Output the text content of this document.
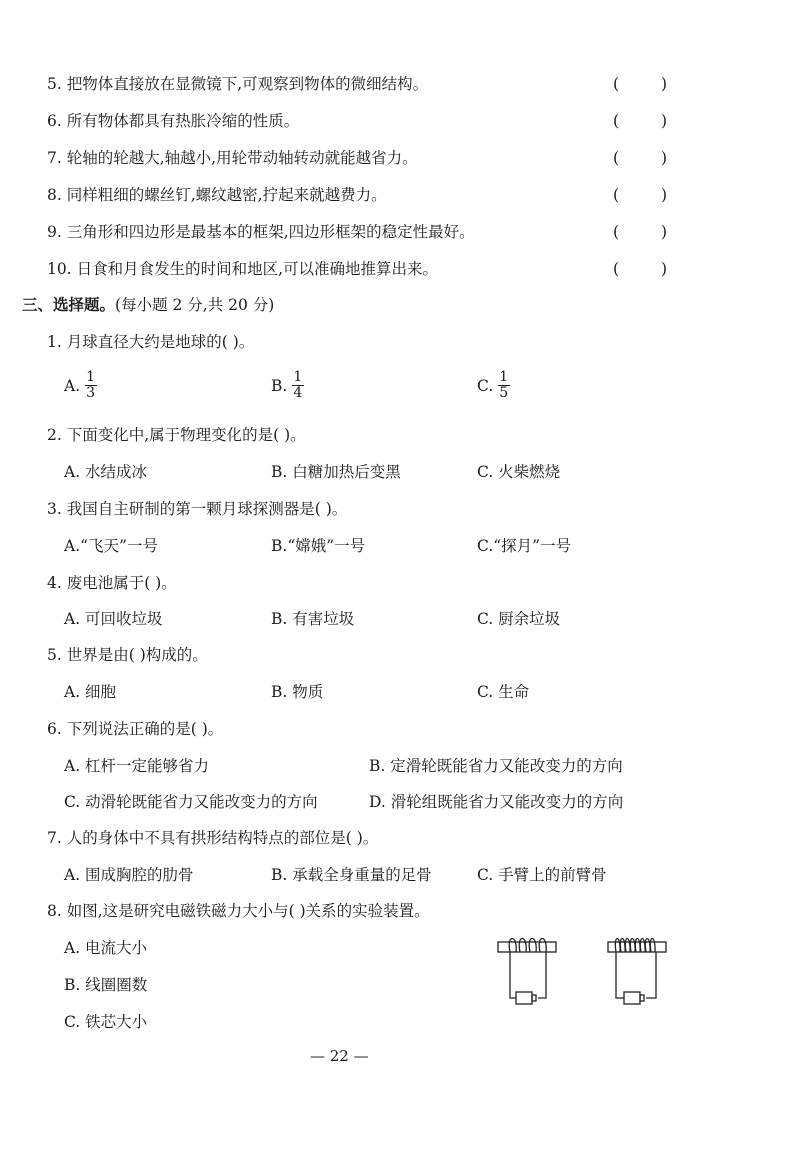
5. 把物体直接放在显微镜下,可观察到物体的微细结构。	(	)
6. 所有物体都具有热胀冷缩的性质。	(	)
7. 轮轴的轮越大,轴越小,用轮带动轴转动就能越省力。	(	)
8. 同样粗细的螺丝钉,螺纹越密,拧起来就越费力。	(	)
9. 三角形和四边形是最基本的框架,四边形框架的稳定性最好。	(	)
10. 日食和月食发生的时间和地区,可以准确地推算出来。	(	)
三、选择题。(每小题 2 分,共 20 分)
1. 月球直径大约是地球的( )。
A. $\frac{1}{3}$	B. $\frac{1}{4}$	C. $\frac{1}{5}$
2. 下面变化中,属于物理变化的是( )。
A. 水结成冰	B. 白糖加热后变黑	C. 火柴燃烧
3. 我国自主研制的第一颗月球探测器是( )。
A.“飞天”一号	B.“嫦娥”一号	C.“探月”一号
4. 废电池属于( )。
A. 可回收垃圾	B. 有害垃圾	C. 厨余垃圾
5. 世界是由( )构成的。
A. 细胞	B. 物质	C. 生命
6. 下列说法正确的是( )。
A. 杠杆一定能够省力	B. 定滑轮既能省力又能改变力的方向
C. 动滑轮既能省力又能改变力的方向	D. 滑轮组既能省力又能改变力的方向
7. 人的身体中不具有拱形结构特点的部位是( )。
A. 围成胸腔的肋骨	B. 承载全身重量的足骨	C. 手臂上的前臂骨
8. 如图,这是研究电磁铁磁力大小与( )关系的实验装置。
A. 电流大小
B. 线圈圈数
C. 铁芯大小
— 22 —
